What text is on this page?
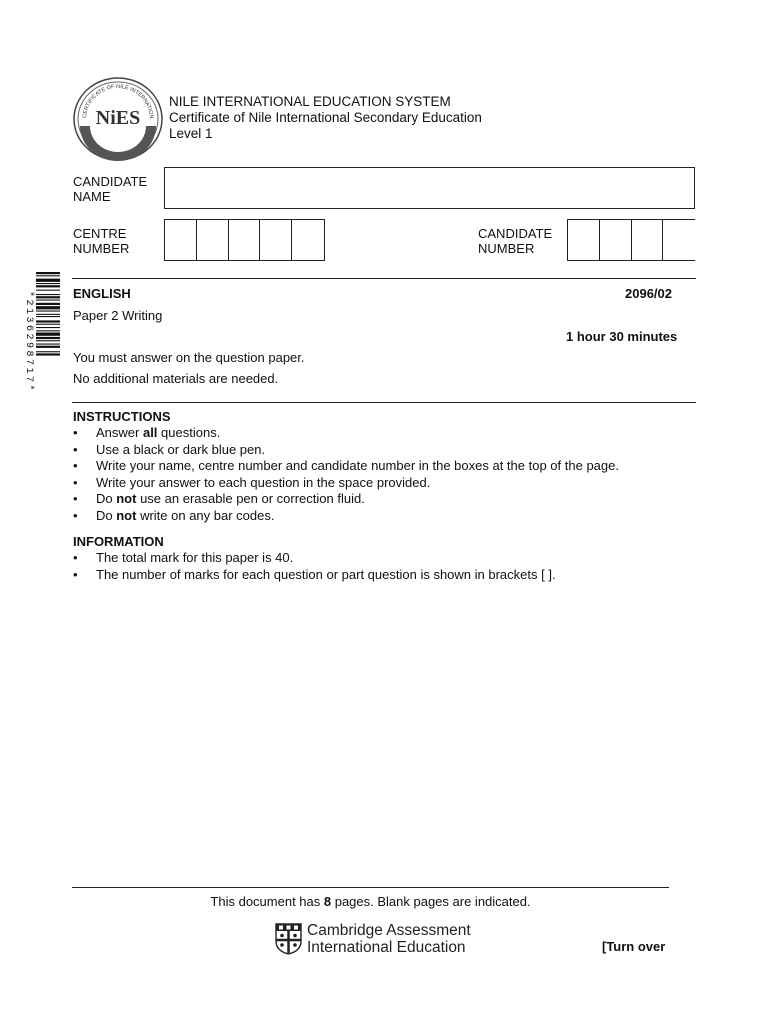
CERTIFICATE OF NILE INTERNATION
NiES
NILE INTERNATIONAL EDUCATION SYSTEM
Certificate of Nile International Secondary Education
Level 1
CANDIDATE
NAME
CENTRE
NUMBER
CANDIDATE
NUMBER
*2136298717*	ENGLISH	2096/02
Paper 2 Writing
1 hour 30 minutes
You must answer on the question paper.
No additional materials are needed.
INSTRUCTIONS
• Answer all questions.
• Use a black or dark blue pen.
• Write your name, centre number and candidate number in the boxes at the top of the page.
• Write your answer to each question in the space provided.
• Do not use an erasable pen or correction fluid.
• Do not write on any bar codes.
INFORMATION
• The total mark for this paper is 40.
• The number of marks for each question or part question is shown in brackets [ ].
This document has 8 pages. Blank pages are indicated.
Cambridge Assessment
International Education	[Turn over
